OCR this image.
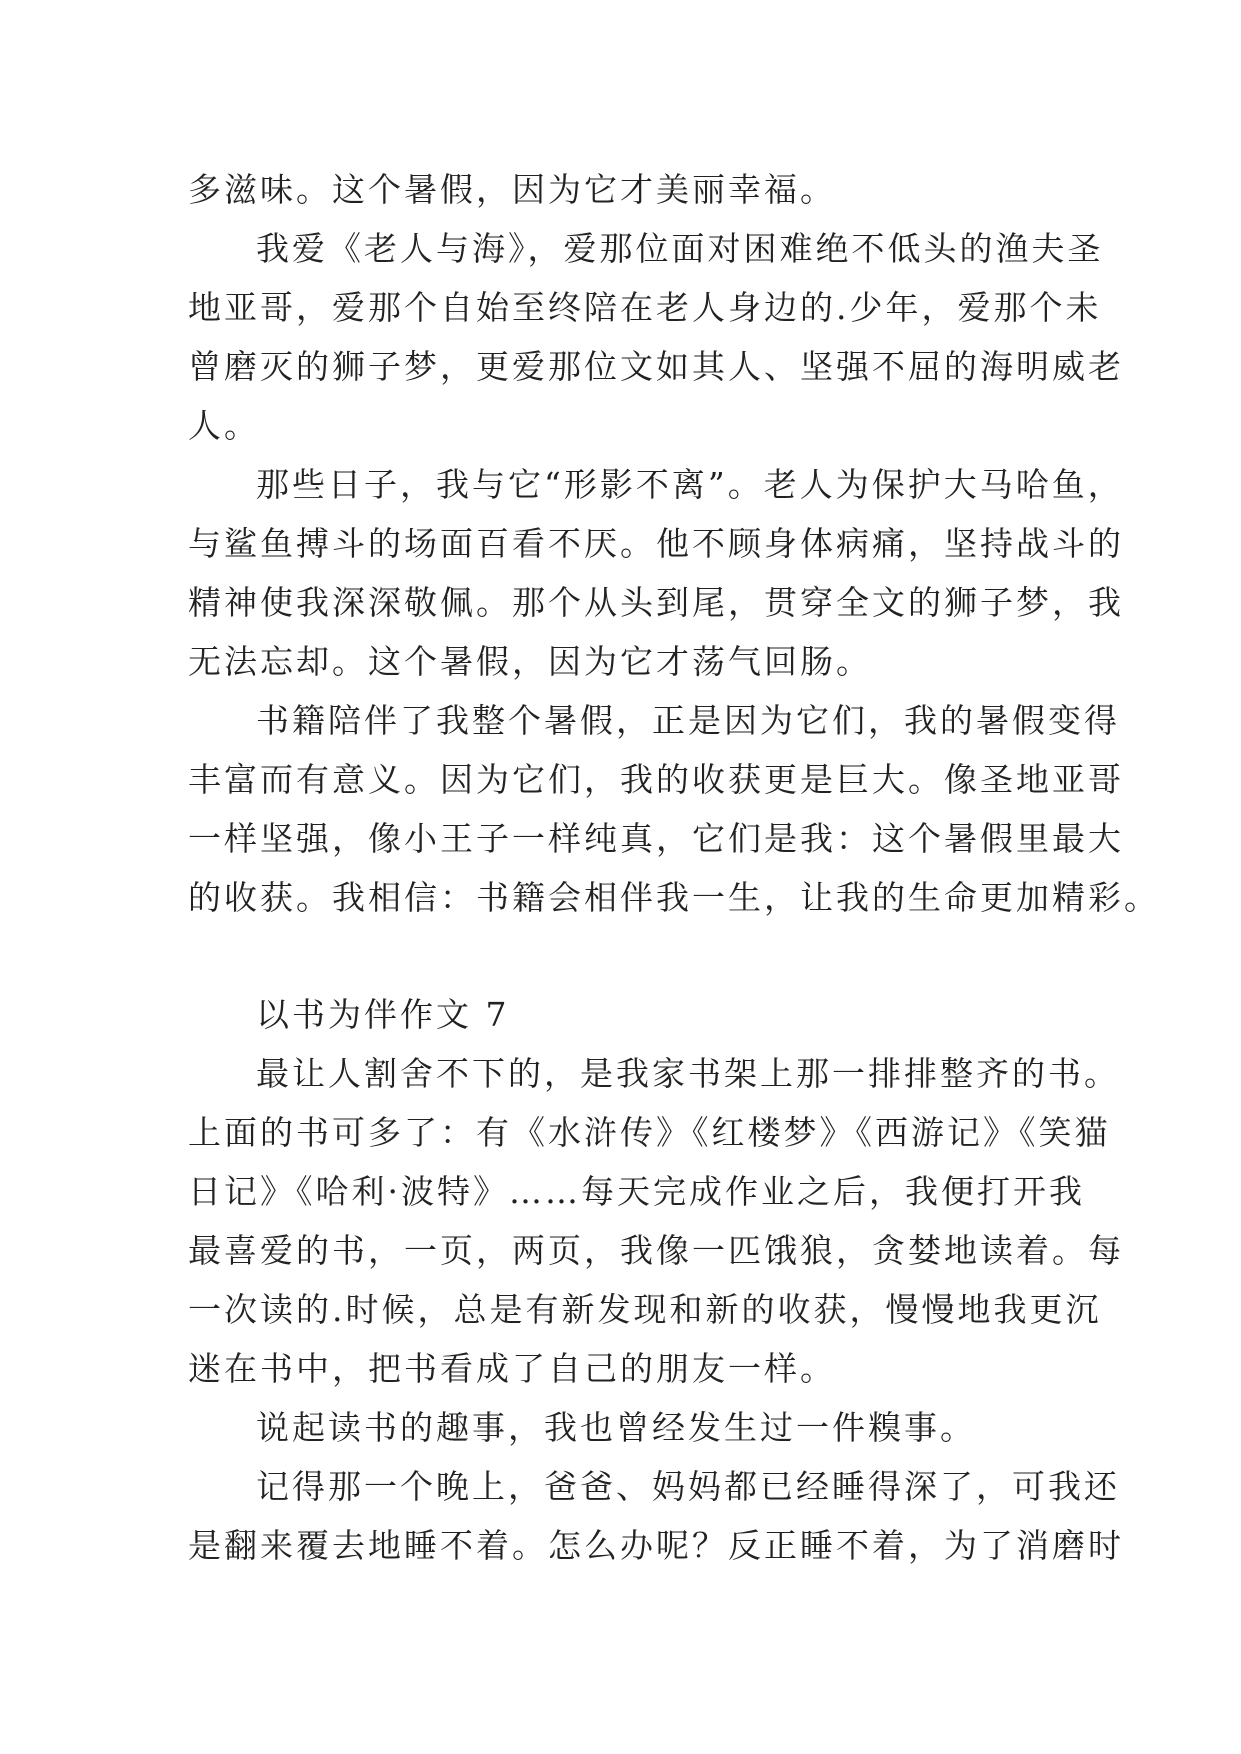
多滋味。这个暑假，因为它才美丽幸福。
我爱《老人与海》，爱那位面对困难绝不低头的渔夫圣
地亚哥，爱那个自始至终陪在老人身边的.少年，爱那个未
曾磨灭的狮子梦，更爱那位文如其人、坚强不屈的海明威老
人。
那些日子，我与它“形影不离”。老人为保护大马哈鱼，
与鲨鱼搏斗的场面百看不厌。他不顾身体病痛，坚持战斗的
精神使我深深敬佩。那个从头到尾，贯穿全文的狮子梦，我
无法忘却。这个暑假，因为它才荡气回肠。
书籍陪伴了我整个暑假，正是因为它们，我的暑假变得
丰富而有意义。因为它们，我的收获更是巨大。像圣地亚哥
一样坚强，像小王子一样纯真，它们是我：这个暑假里最大
的收获。我相信：书籍会相伴我一生，让我的生命更加精彩。
以书为伴作文 7
最让人割舍不下的，是我家书架上那一排排整齐的书。
上面的书可多了：有《水浒传》《红楼梦》《西游记》《笑猫
日记》《哈利·波特》……每天完成作业之后，我便打开我
最喜爱的书，一页，两页，我像一匹饿狼，贪婪地读着。每
一次读的.时候，总是有新发现和新的收获，慢慢地我更沉
迷在书中，把书看成了自己的朋友一样。
说起读书的趣事，我也曾经发生过一件糗事。
记得那一个晚上，爸爸、妈妈都已经睡得深了，可我还
是翻来覆去地睡不着。怎么办呢？反正睡不着，为了消磨时
